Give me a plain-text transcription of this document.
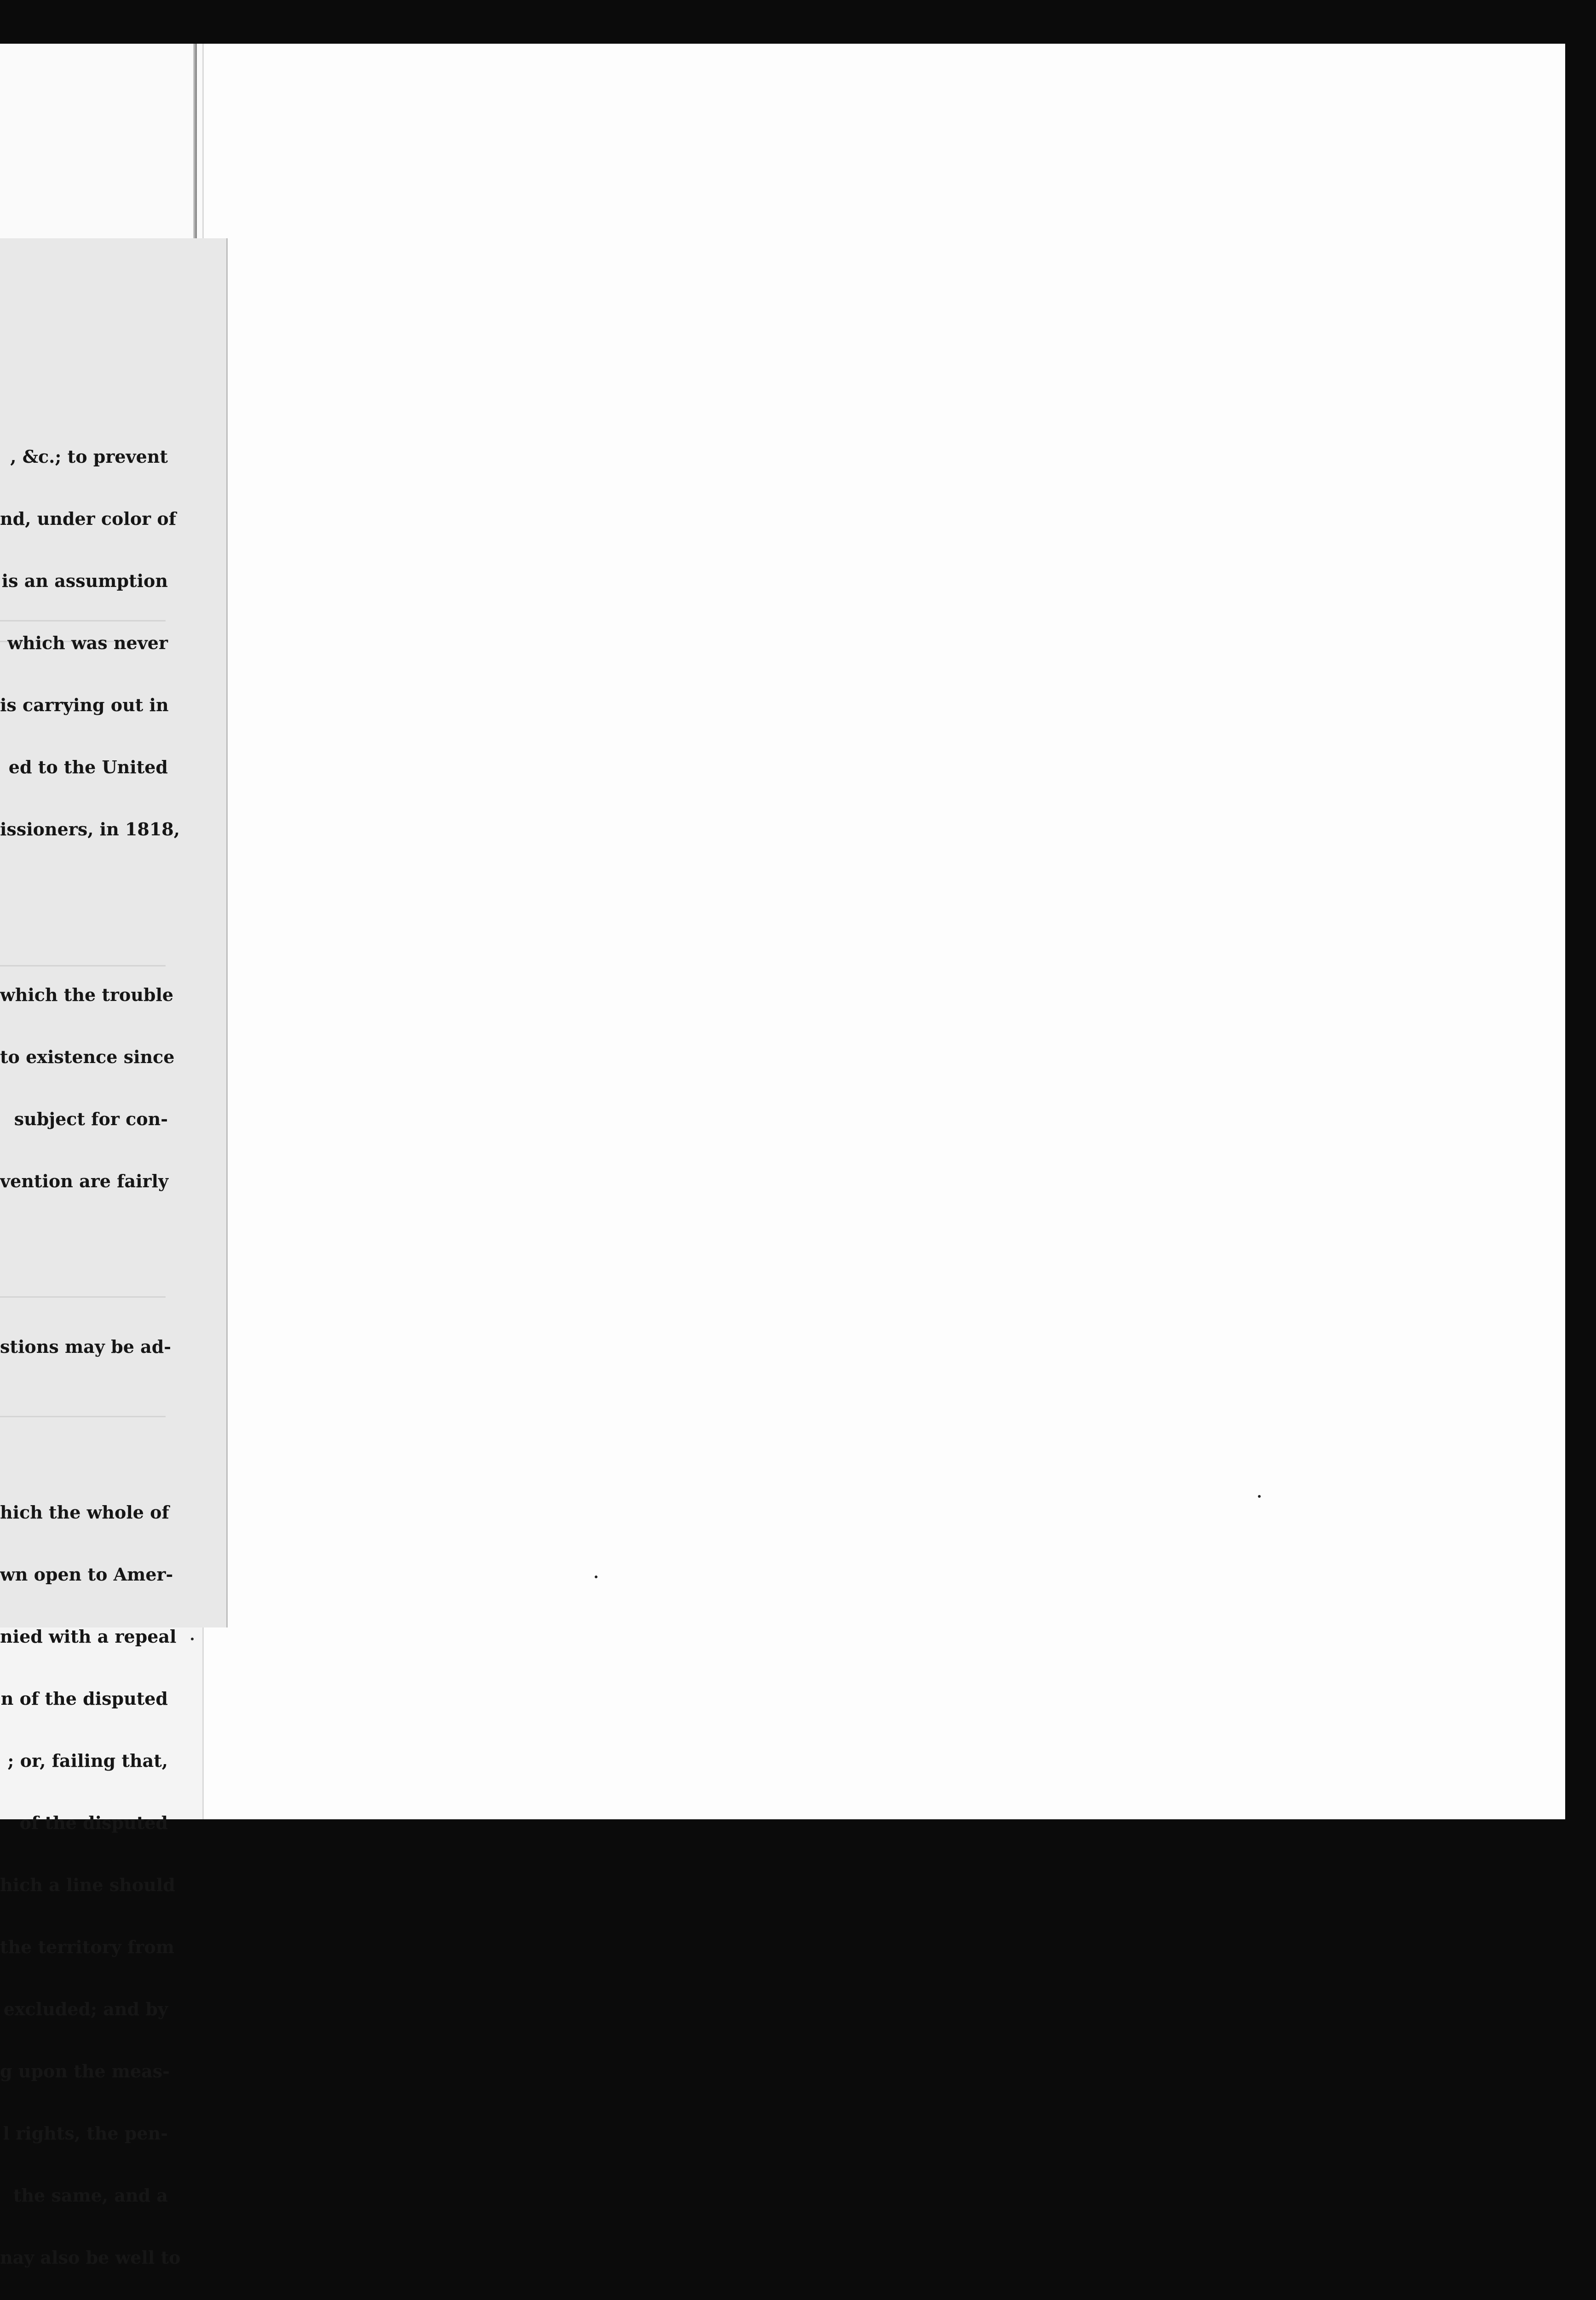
, &c.; to prevent

nd, under color of

is an assumption

which was never

is carrying out in

ed to the United

issioners, in 1818,

which the trouble

to existence since

subject for con-

vention are fairly

stions may be ad-

hich the whole of

wn open to Amer-

nied with a repeal

n of the disputed

; or, failing that,

of the disputed

hich a line should

the territory from

excluded; and by

g upon the meas-

l rights, the pen-

the same, and a

nay also be well to
